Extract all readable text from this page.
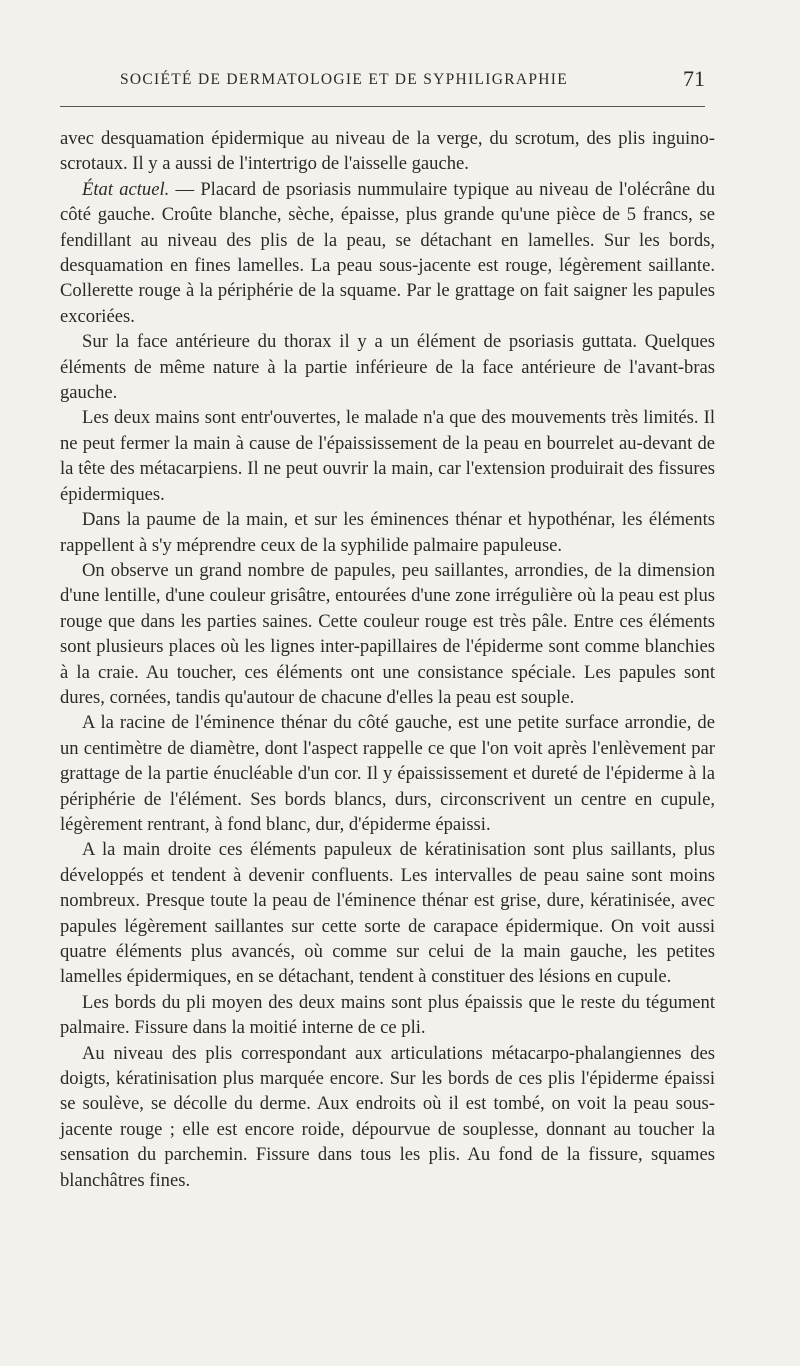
SOCIÉTÉ DE DERMATOLOGIE ET DE SYPHILIGRAPHIE	71

avec desquamation épidermique au niveau de la verge, du scrotum, des plis inguino-scrotaux. Il y a aussi de l'intertrigo de l'aisselle gauche.

État actuel. — Placard de psoriasis nummulaire typique au niveau de l'olécrâne du côté gauche. Croûte blanche, sèche, épaisse, plus grande qu'une pièce de 5 francs, se fendillant au niveau des plis de la peau, se détachant en lamelles. Sur les bords, desquamation en fines lamelles. La peau sous-jacente est rouge, légèrement saillante. Collerette rouge à la périphérie de la squame. Par le grattage on fait saigner les papules excoriées.

Sur la face antérieure du thorax il y a un élément de psoriasis guttata. Quelques éléments de même nature à la partie inférieure de la face antérieure de l'avant-bras gauche.

Les deux mains sont entr'ouvertes, le malade n'a que des mouvements très limités. Il ne peut fermer la main à cause de l'épaississement de la peau en bourrelet au-devant de la tête des métacarpiens. Il ne peut ouvrir la main, car l'extension produirait des fissures épidermiques.

Dans la paume de la main, et sur les éminences thénar et hypothénar, les éléments rappellent à s'y méprendre ceux de la syphilide palmaire papuleuse.

On observe un grand nombre de papules, peu saillantes, arrondies, de la dimension d'une lentille, d'une couleur grisâtre, entourées d'une zone irrégulière où la peau est plus rouge que dans les parties saines. Cette couleur rouge est très pâle. Entre ces éléments sont plusieurs places où les lignes inter-papillaires de l'épiderme sont comme blanchies à la craie. Au toucher, ces éléments ont une consistance spéciale. Les papules sont dures, cornées, tandis qu'autour de chacune d'elles la peau est souple.

A la racine de l'éminence thénar du côté gauche, est une petite surface arrondie, de un centimètre de diamètre, dont l'aspect rappelle ce que l'on voit après l'enlèvement par grattage de la partie énucléable d'un cor. Il y épaississement et dureté de l'épiderme à la périphérie de l'élément. Ses bords blancs, durs, circonscrivent un centre en cupule, légèrement rentrant, à fond blanc, dur, d'épiderme épaissi.

A la main droite ces éléments papuleux de kératinisation sont plus saillants, plus développés et tendent à devenir confluents. Les intervalles de peau saine sont moins nombreux. Presque toute la peau de l'éminence thénar est grise, dure, kératinisée, avec papules légèrement saillantes sur cette sorte de carapace épidermique. On voit aussi quatre éléments plus avancés, où comme sur celui de la main gauche, les petites lamelles épidermiques, en se détachant, tendent à constituer des lésions en cupule.

Les bords du pli moyen des deux mains sont plus épaissis que le reste du tégument palmaire. Fissure dans la moitié interne de ce pli.

Au niveau des plis correspondant aux articulations métacarpo-phalangiennes des doigts, kératinisation plus marquée encore. Sur les bords de ces plis l'épiderme épaissi se soulève, se décolle du derme. Aux endroits où il est tombé, on voit la peau sous-jacente rouge ; elle est encore roide, dépourvue de souplesse, donnant au toucher la sensation du parchemin. Fissure dans tous les plis. Au fond de la fissure, squames blanchâtres fines.
